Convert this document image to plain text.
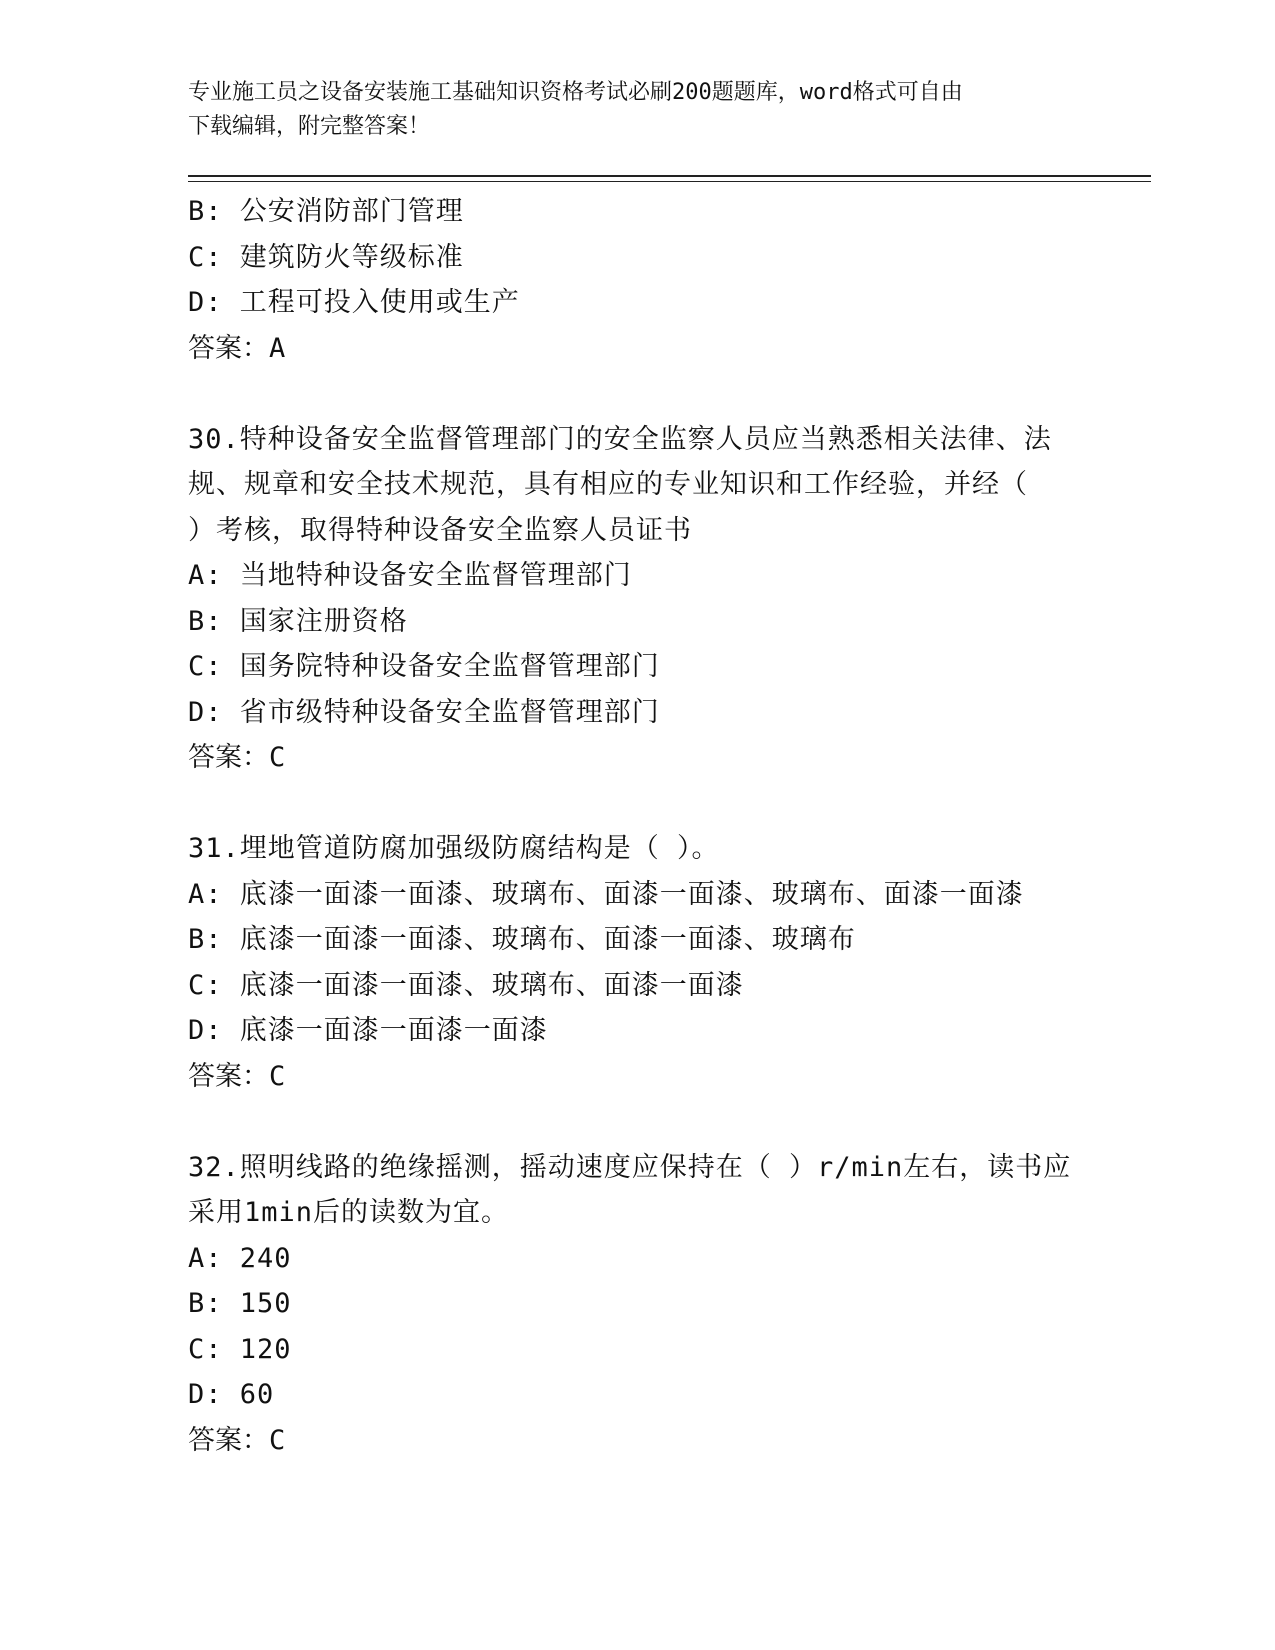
专业施工员之设备安装施工基础知识资格考试必刷200题题库，word格式可自由
下载编辑，附完整答案！
B: 公安消防部门管理
C: 建筑防火等级标准
D: 工程可投入使用或生产
答案：A
30.特种设备安全监督管理部门的安全监察人员应当熟悉相关法律、法
规、规章和安全技术规范，具有相应的专业知识和工作经验，并经（
）考核，取得特种设备安全监察人员证书
A: 当地特种设备安全监督管理部门
B: 国家注册资格
C: 国务院特种设备安全监督管理部门
D: 省市级特种设备安全监督管理部门
答案：C
31.埋地管道防腐加强级防腐结构是（ ）。
A: 底漆一面漆一面漆、玻璃布、面漆一面漆、玻璃布、面漆一面漆
B: 底漆一面漆一面漆、玻璃布、面漆一面漆、玻璃布
C: 底漆一面漆一面漆、玻璃布、面漆一面漆
D: 底漆一面漆一面漆一面漆
答案：C
32.照明线路的绝缘摇测，摇动速度应保持在（ ）r/min左右，读书应
采用1min后的读数为宜。
A: 240
B: 150
C: 120
D: 60
答案：C
